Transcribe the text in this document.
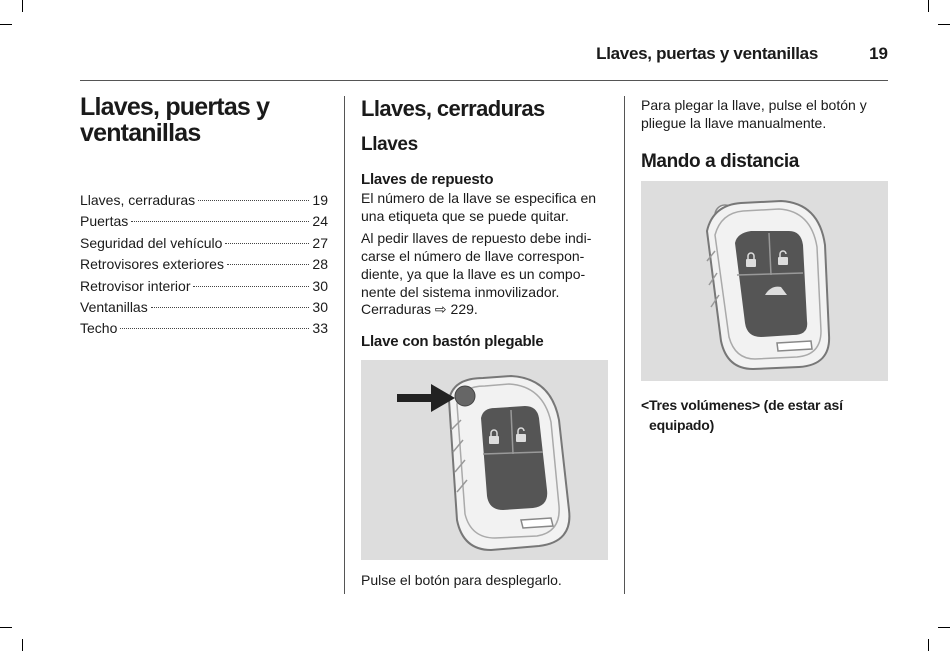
Llaves, puertas y ventanillas	19
Llaves, puertas y
ventanillas
Llaves, cerraduras	19
Puertas	24
Seguridad del vehículo	27
Retrovisores exteriores	28
Retrovisor interior	30
Ventanillas	30
Techo	33
Llaves, cerraduras
Llaves
Llaves de repuesto
El número de la llave se especifica en
una etiqueta que se puede quitar.
Al pedir llaves de repuesto debe indi-
carse el número de llave correspon-
diente, ya que la llave es un compo-
nente del sistema inmovilizador.
Cerraduras ⇨ 229.
Llave con bastón plegable
Pulse el botón para desplegarlo.
Para plegar la llave, pulse el botón y
pliegue la llave manualmente.
Mando a distancia
<Tres volúmenes> (de estar así
equipado)
